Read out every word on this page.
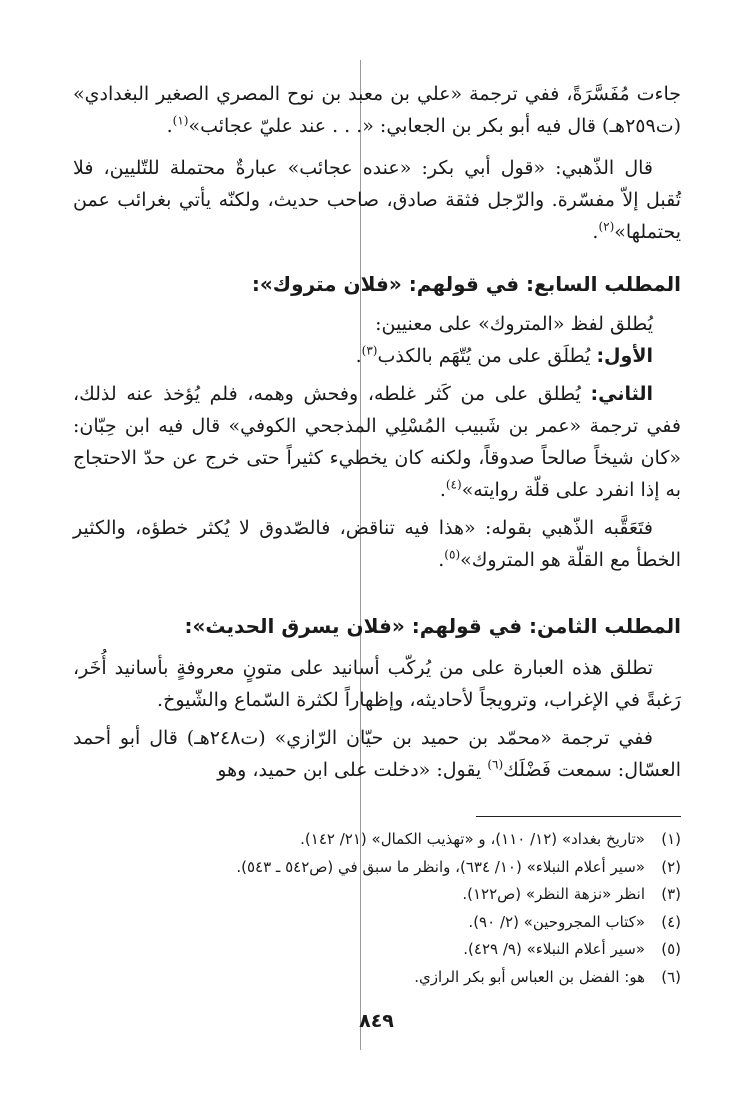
جاءت مُفَسَّرَةً، ففي ترجمة «علي بن معبد بن نوح المصري الصغير البغدادي» (ت٢٥٩هـ) قال فيه أبو بكر بن الجعابي: «. . . عند عليّ عجائب»$^{(١)}$.

قال الذّهبي: «قول أبي بكر: «عنده عجائب» عبارةٌ محتملة للتّليين، فلا تُقبل إلاّ مفسّرة. والرّجل فثقة صادق، صاحب حديث، ولكنّه يأتي بغرائب عمن يحتملها»$^{(٢)}$.

المطلب السابع: في قولهم: «فلان متروك»:

يُطلق لفظ «المتروك» على معنيين:

الأول: يُطلَق على من يُتّهَم بالكذب$^{(٣)}$.

الثاني: يُطلق على من كَثر غلطه، وفحش وهمه، فلم يُؤخذ عنه لذلك، ففي ترجمة «عمر بن شَبيب المُسْلِي المذجحي الكوفي» قال فيه ابن حِبّان: «كان شيخاً صالحاً صدوقاً، ولكنه كان يخطيء كثيراً حتى خرج عن حدّ الاحتجاج به إذا انفرد على قلّة روايته»$^{(٤)}$.

فتَعَقَّبه الذّهبي بقوله: «هذا فيه تناقض، فالصّدوق لا يُكثر خطؤه، والكثير الخطأ مع القلّة هو المتروك»$^{(٥)}$.

المطلب الثامن: في قولهم: «فلان يسرق الحديث»:

تطلق هذه العبارة على من يُركّب أسانيد على متونٍ معروفةٍ بأسانيد أُخَر، رَغبةً في الإغراب، وترويجاً لأحاديثه، وإظهاراً لكثرة السّماع والشّيوخ.

ففي ترجمة «محمّد بن حميد بن حيّان الرّازي» (ت٢٤٨هـ) قال أبو أحمد العسّال: سمعت فَضْلَك$^{(٦)}$ يقول: «دخلت على ابن حميد، وهو

(١)
«تاريخ بغداد» (١٢/ ١١٠)، و «تهذيب الكمال» (٢١/ ١٤٢).
(٢)
«سير أعلام النبلاء» (١٠/ ٦٣٤)، وانظر ما سبق في (ص٥٤٢ ـ ٥٤٣).
(٣)
انظر «نزهة النظر» (ص١٢٢).
(٤)
«كتاب المجروحين» (٢/ ٩٠).
(٥)
«سير أعلام النبلاء» (٩/ ٤٢٩).
(٦)
هو: الفضل بن العباس أبو بكر الرازي.
٨٤٩
